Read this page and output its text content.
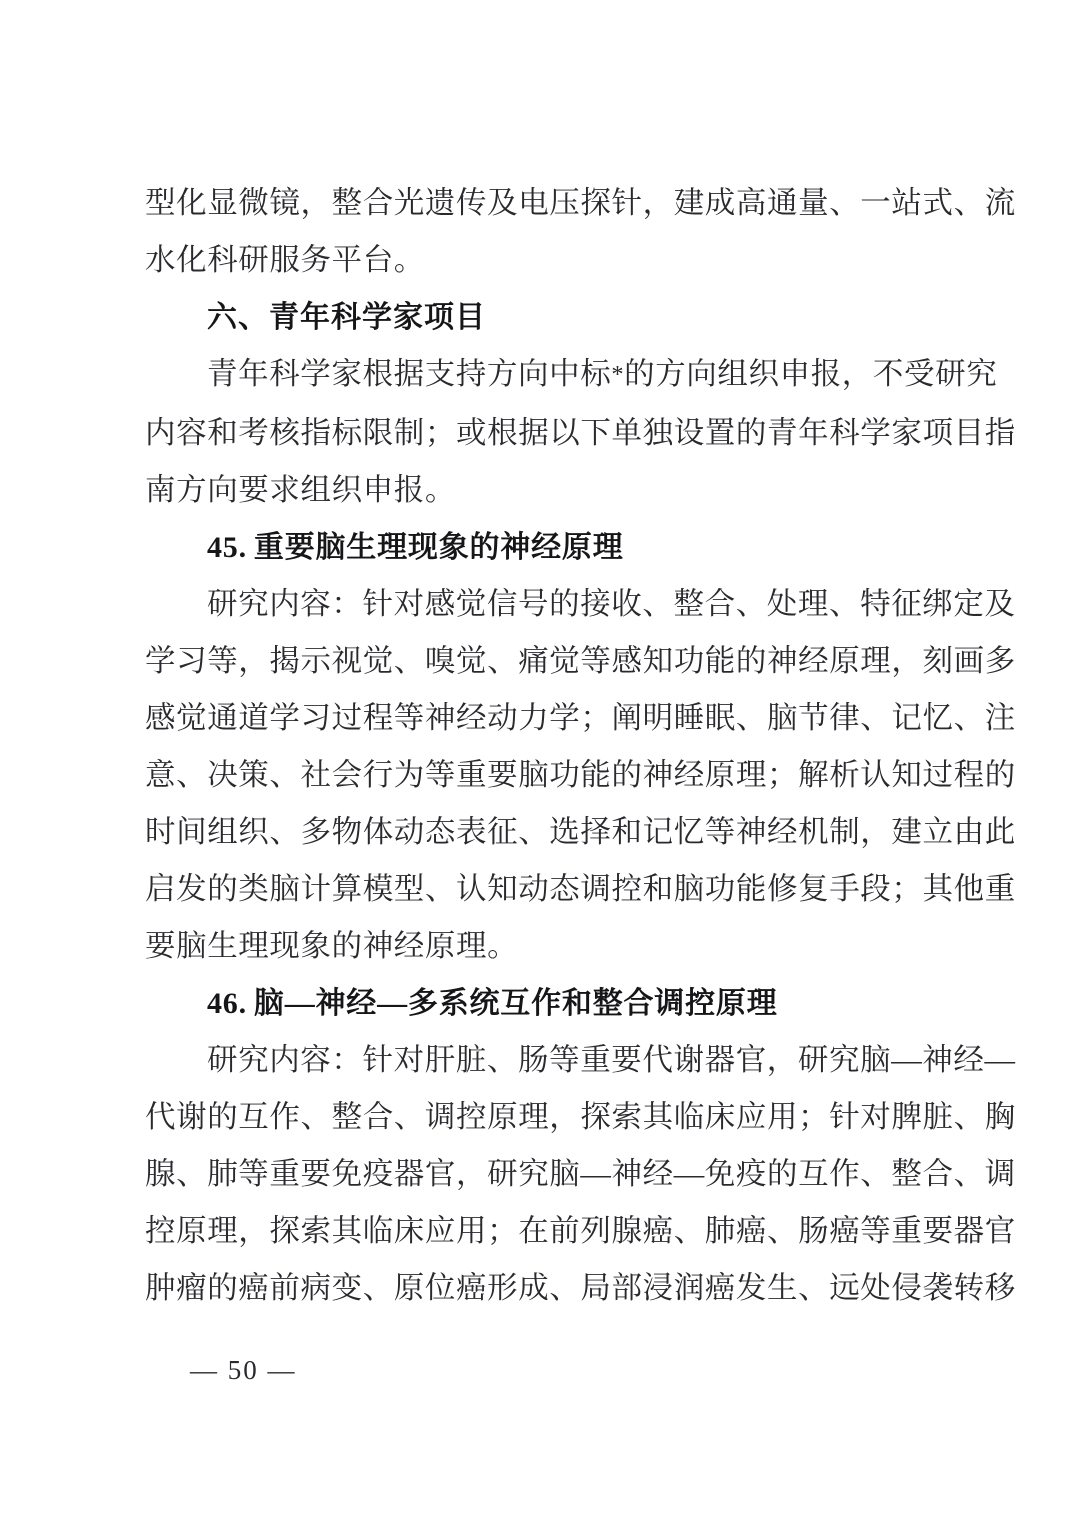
型化显微镜，整合光遗传及电压探针，建成高通量、一站式、流
水化科研服务平台。
六、青年科学家项目
青年科学家根据支持方向中标*的方向组织申报，不受研究
内容和考核指标限制；或根据以下单独设置的青年科学家项目指
南方向要求组织申报。
45. 重要脑生理现象的神经原理
研究内容：针对感觉信号的接收、整合、处理、特征绑定及
学习等，揭示视觉、嗅觉、痛觉等感知功能的神经原理，刻画多
感觉通道学习过程等神经动力学；阐明睡眠、脑节律、记忆、注
意、决策、社会行为等重要脑功能的神经原理；解析认知过程的
时间组织、多物体动态表征、选择和记忆等神经机制，建立由此
启发的类脑计算模型、认知动态调控和脑功能修复手段；其他重
要脑生理现象的神经原理。
46. 脑—神经—多系统互作和整合调控原理
研究内容：针对肝脏、肠等重要代谢器官，研究脑—神经—
代谢的互作、整合、调控原理，探索其临床应用；针对脾脏、胸
腺、肺等重要免疫器官，研究脑—神经—免疫的互作、整合、调
控原理，探索其临床应用；在前列腺癌、肺癌、肠癌等重要器官
肿瘤的癌前病变、原位癌形成、局部浸润癌发生、远处侵袭转移
— 50 —
